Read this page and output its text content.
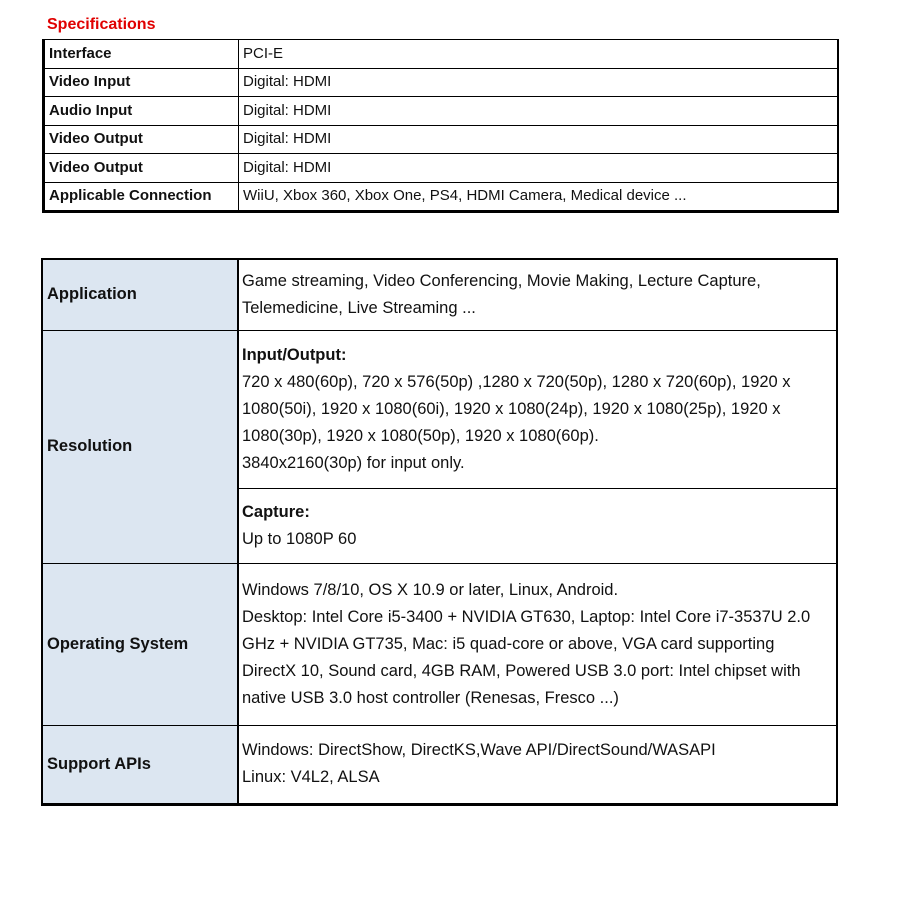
Specifications
Interface	PCI-E
Video Input	Digital: HDMI
Audio Input	Digital: HDMI
Video Output	Digital: HDMI
Video Output	Digital: HDMI
Applicable Connection	WiiU, Xbox 360, Xbox One, PS4, HDMI Camera, Medical device ...
Application	Game streaming, Video Conferencing, Movie Making, Lecture Capture,
Telemedicine, Live Streaming ...

Resolution	Input/Output:
720 x 480(60p), 720 x 576(50p) ,1280 x 720(50p), 1280 x 720(60p), 1920 x
1080(50i), 1920 x 1080(60i), 1920 x 1080(24p), 1920 x 1080(25p), 1920 x
1080(30p), 1920 x 1080(50p), 1920 x 1080(60p).
3840x2160(30p) for input only.

	Capture:
Up to 1080P 60

Operating System	Windows 7/8/10, OS X 10.9 or later, Linux, Android.
Desktop: Intel Core i5-3400 + NVIDIA GT630, Laptop: Intel Core i7-3537U 2.0
GHz + NVIDIA GT735, Mac: i5 quad-core or above, VGA card supporting
DirectX 10, Sound card, 4GB RAM, Powered USB 3.0 port: Intel chipset with
native USB 3.0 host controller (Renesas, Fresco ...)

Support APIs	Windows: DirectShow, DirectKS,Wave API/DirectSound/WASAPI
Linux: V4L2, ALSA
